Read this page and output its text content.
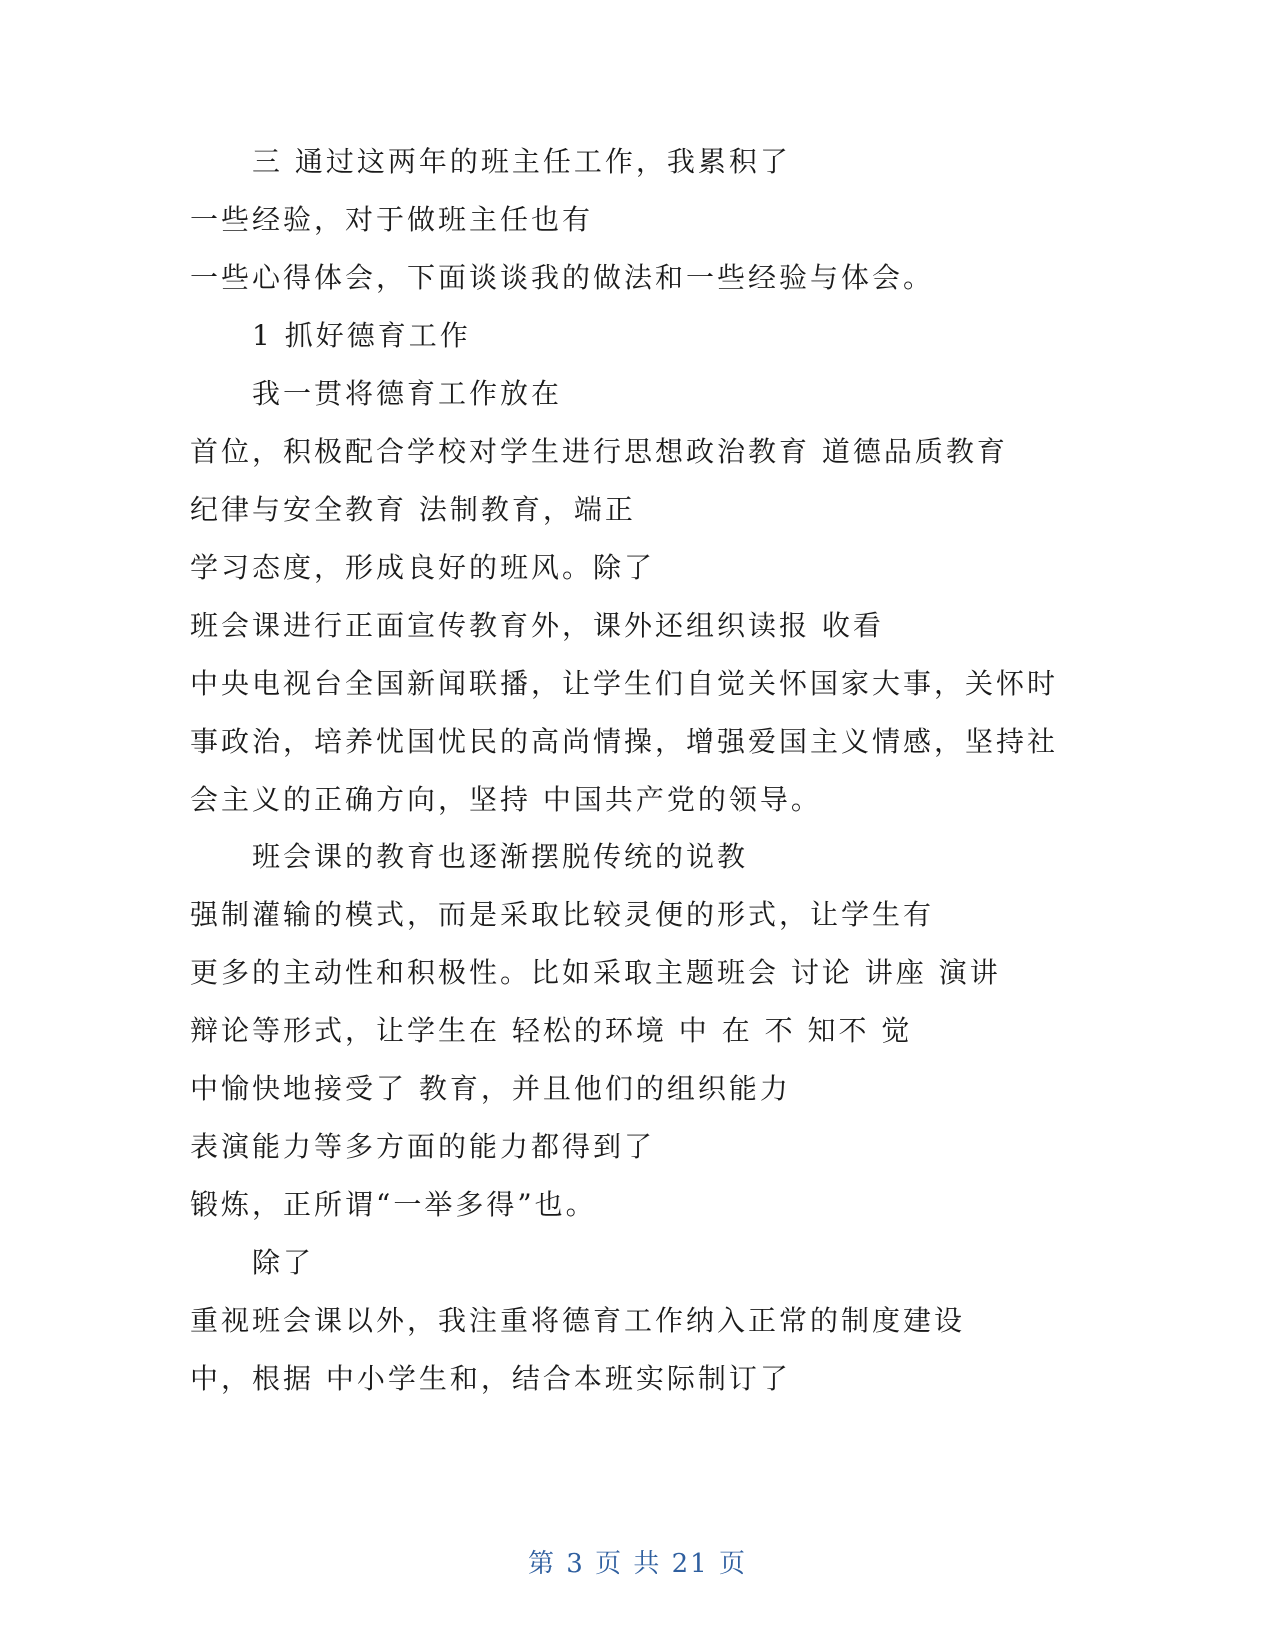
三 通过这两年的班主任工作，我累积了
一些经验，对于做班主任也有
一些心得体会，下面谈谈我的做法和一些经验与体会。
1 抓好德育工作
我一贯将德育工作放在
首位，积极配合学校对学生进行思想政治教育 道德品质教育
纪律与安全教育 法制教育，端正
学习态度，形成良好的班风。除了
班会课进行正面宣传教育外，课外还组织读报 收看
中央电视台全国新闻联播，让学生们自觉关怀国家大事，关怀时
事政治，培养忧国忧民的高尚情操，增强爱国主义情感，坚持社
会主义的正确方向，坚持 中国共产党的领导。
班会课的教育也逐渐摆脱传统的说教
强制灌输的模式，而是采取比较灵便的形式，让学生有
更多的主动性和积极性。比如采取主题班会 讨论 讲座 演讲
辩论等形式，让学生在 轻松的环境 中 在 不 知不 觉
中愉快地接受了 教育，并且他们的组织能力
表演能力等多方面的能力都得到了
锻炼，正所谓“一举多得”也。
除了
重视班会课以外，我注重将德育工作纳入正常的制度建设
中，根据 中小学生和，结合本班实际制订了
第 3 页 共 21 页
